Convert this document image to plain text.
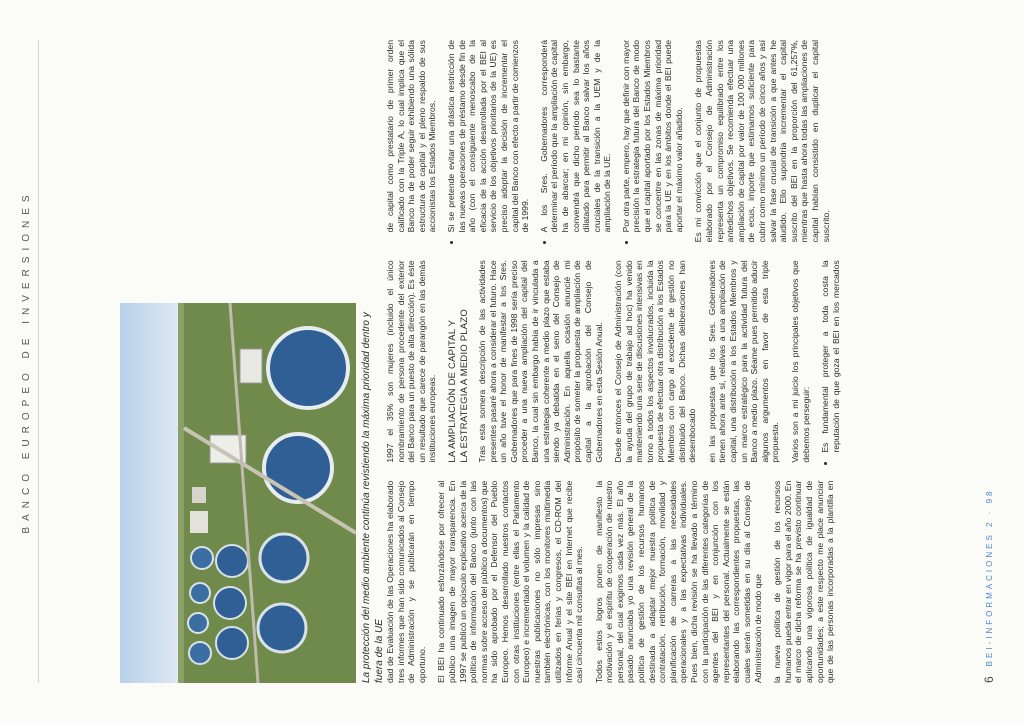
BANCO EUROPEO DE INVERSIONES	La protección del medio ambiente continúa revistiendo la máxima prioridad dentro y fuera de la UE dad de Evaluación de las Operaciones ha elaborado tres informes que han sido comunicados al Consejo de Administración y se publicarán en tiempo oportuno. El BEI ha continuado esforzándose por ofrecer al público una imagen de mayor transparencia. En 1997 se publicó un opúsculo explicativo acerca de la política de información del Banco (junto con las normas sobre acceso del público a documentos) que ha sido aprobado por el Defensor del Pueblo Europeo. Hemos desarrollado nuestros contactos con otras instituciones (entre ellas el Parlamento Europeo) e incrementado el volumen y la calidad de nuestras publicaciones no sólo impresas sino también electrónicas, con los monitores multimedia utilizados en ferias y congresos, el CD-ROM del Informe Anual y el site BEI en Internet que recibe casi cincuenta mil consultas al mes. Todos estos logros ponen de manifiesto la motivación y el espíritu de cooperación de nuestro personal, del cual exigimos cada vez más. El año pasado anunciaba yo una revisión general de la política de gestión de los recursos humanos destinada a adaptar mejor nuestra política de contratación, retribución, formación, movilidad y planificación de carreras a las necesidades operacionales y a las expectativas individuales. Pues bien, dicha revisión se ha llevado a término con la participación de las diferentes categorías de agentes del BEI y en conjunción con los representantes del personal. Actualmente se están elaborando las correspondientes propuestas, las cuales serán sometidas en su día al Consejo de Administración de modo que	la nueva política de gestión de los recursos humanos pueda entrar en vigor para el año 2000. En el marco de dicha reforma se ha previsto continuar aplicando una vigorosa política de igualdad de oportunidades; a este respecto me place anunciar que de las personas incorporadas a la plantilla en 1997 el 35% son mujeres (incluido el único nombramiento de persona procedente del exterior del Banco para un puesto de alta dirección). Es éste un resultado que carece de parangón en las demás instituciones europeas.	LA AMPLIACIÓN DE CAPITAL Y LA ESTRATEGIA A MEDIO PLAZO Tras esta somera descripción de las actividades presentes pasaré ahora a considerar el futuro. Hace un año tuve el honor de manifestar a los Sres. Gobernadores que para fines de 1998 sería preciso proceder a una nueva ampliación del capital del Banco, la cual sin embargo había de ir vinculada a una estrategia coherente a medio plazo que estaba siendo ya debatida en el seno del Consejo de Administración. En aquella ocasión anuncié mi propósito de someter la propuesta de ampliación de capital a la aprobación del Consejo de Gobernadores en esta Sesión Anual. Desde entonces el Consejo de Administración (con la ayuda del grupo de trabajo ad hoc) ha venido manteniendo una serie de discusiones intensivas en torno a todos los aspectos involucrados, incluida la propuesta de efectuar otra distribución a los Estados Miembros con cargo al excedente de gestión no distribuido del Banco. Dichas deliberaciones han desembocado en las propuestas que los Sres. Gobernadores tienen ahora ante sí, relativas a una ampliación de capital, una distribución a los Estados Miembros y un marco estratégico para la actividad futura del Banco a medio plazo. Séame pues permitido aducir algunos argumentos en favor de esta triple propuesta. Varios son a mi juicio los principales objetivos que debemos perseguir:	• Es fundamental proteger a toda costa la reputación de que goza el BEI en los mercados de capital como prestatario de primer orden calificado con la Triple A, lo cual implica que el Banco ha de poder seguir exhibiendo una sólida estructura de capital y el pleno respaldo de sus accionistas los Estados Miembros. • Si se pretende evitar una drástica restricción de las nuevas operaciones de préstamo desde fin de año (con el consiguiente menoscabo de la eficacia de la acción desarrollada por el BEI al servicio de los objetivos prioritarios de la UE) es preciso adoptar la decisión de incrementar el capital del Banco con efecto a partir de comienzos de 1999. • A los Sres. Gobernadores corresponderá determinar el período que la ampliación de capital ha de abarcar; en mi opinión, sin embargo, convendrá que dicho período sea lo bastante dilatado para permitir al Banco salvar los años cruciales de la transición a la UEM y de la ampliación de la UE. • Por otra parte, empero, hay que definir con mayor precisión la estrategia futura del Banco de modo que el capital aportado por los Estados Miembros se concentre en las zonas de máxima prioridad para la UE y en los ámbitos donde el BEI puede aportar el máximo valor añadido. Es mi convicción que el conjunto de propuestas elaborado por el Consejo de Administración representa un compromiso equilibrado entre los antedichos objetivos. Se recomienda efectuar una ampliación de capital por valor de 100 000 millones de ecus, importe que estimamos suficiente para cubrir como mínimo un período de cinco años y así salvar la fase crucial de transición a que antes he aludido. Ello supondría incrementar el capital suscrito del BEI en la proporción del 61,257%, mientras que hasta ahora todas las ampliaciones de capital habían consistido en duplicar el capital suscrito.

6
BEI-INFORMACIONES 2 · 98
